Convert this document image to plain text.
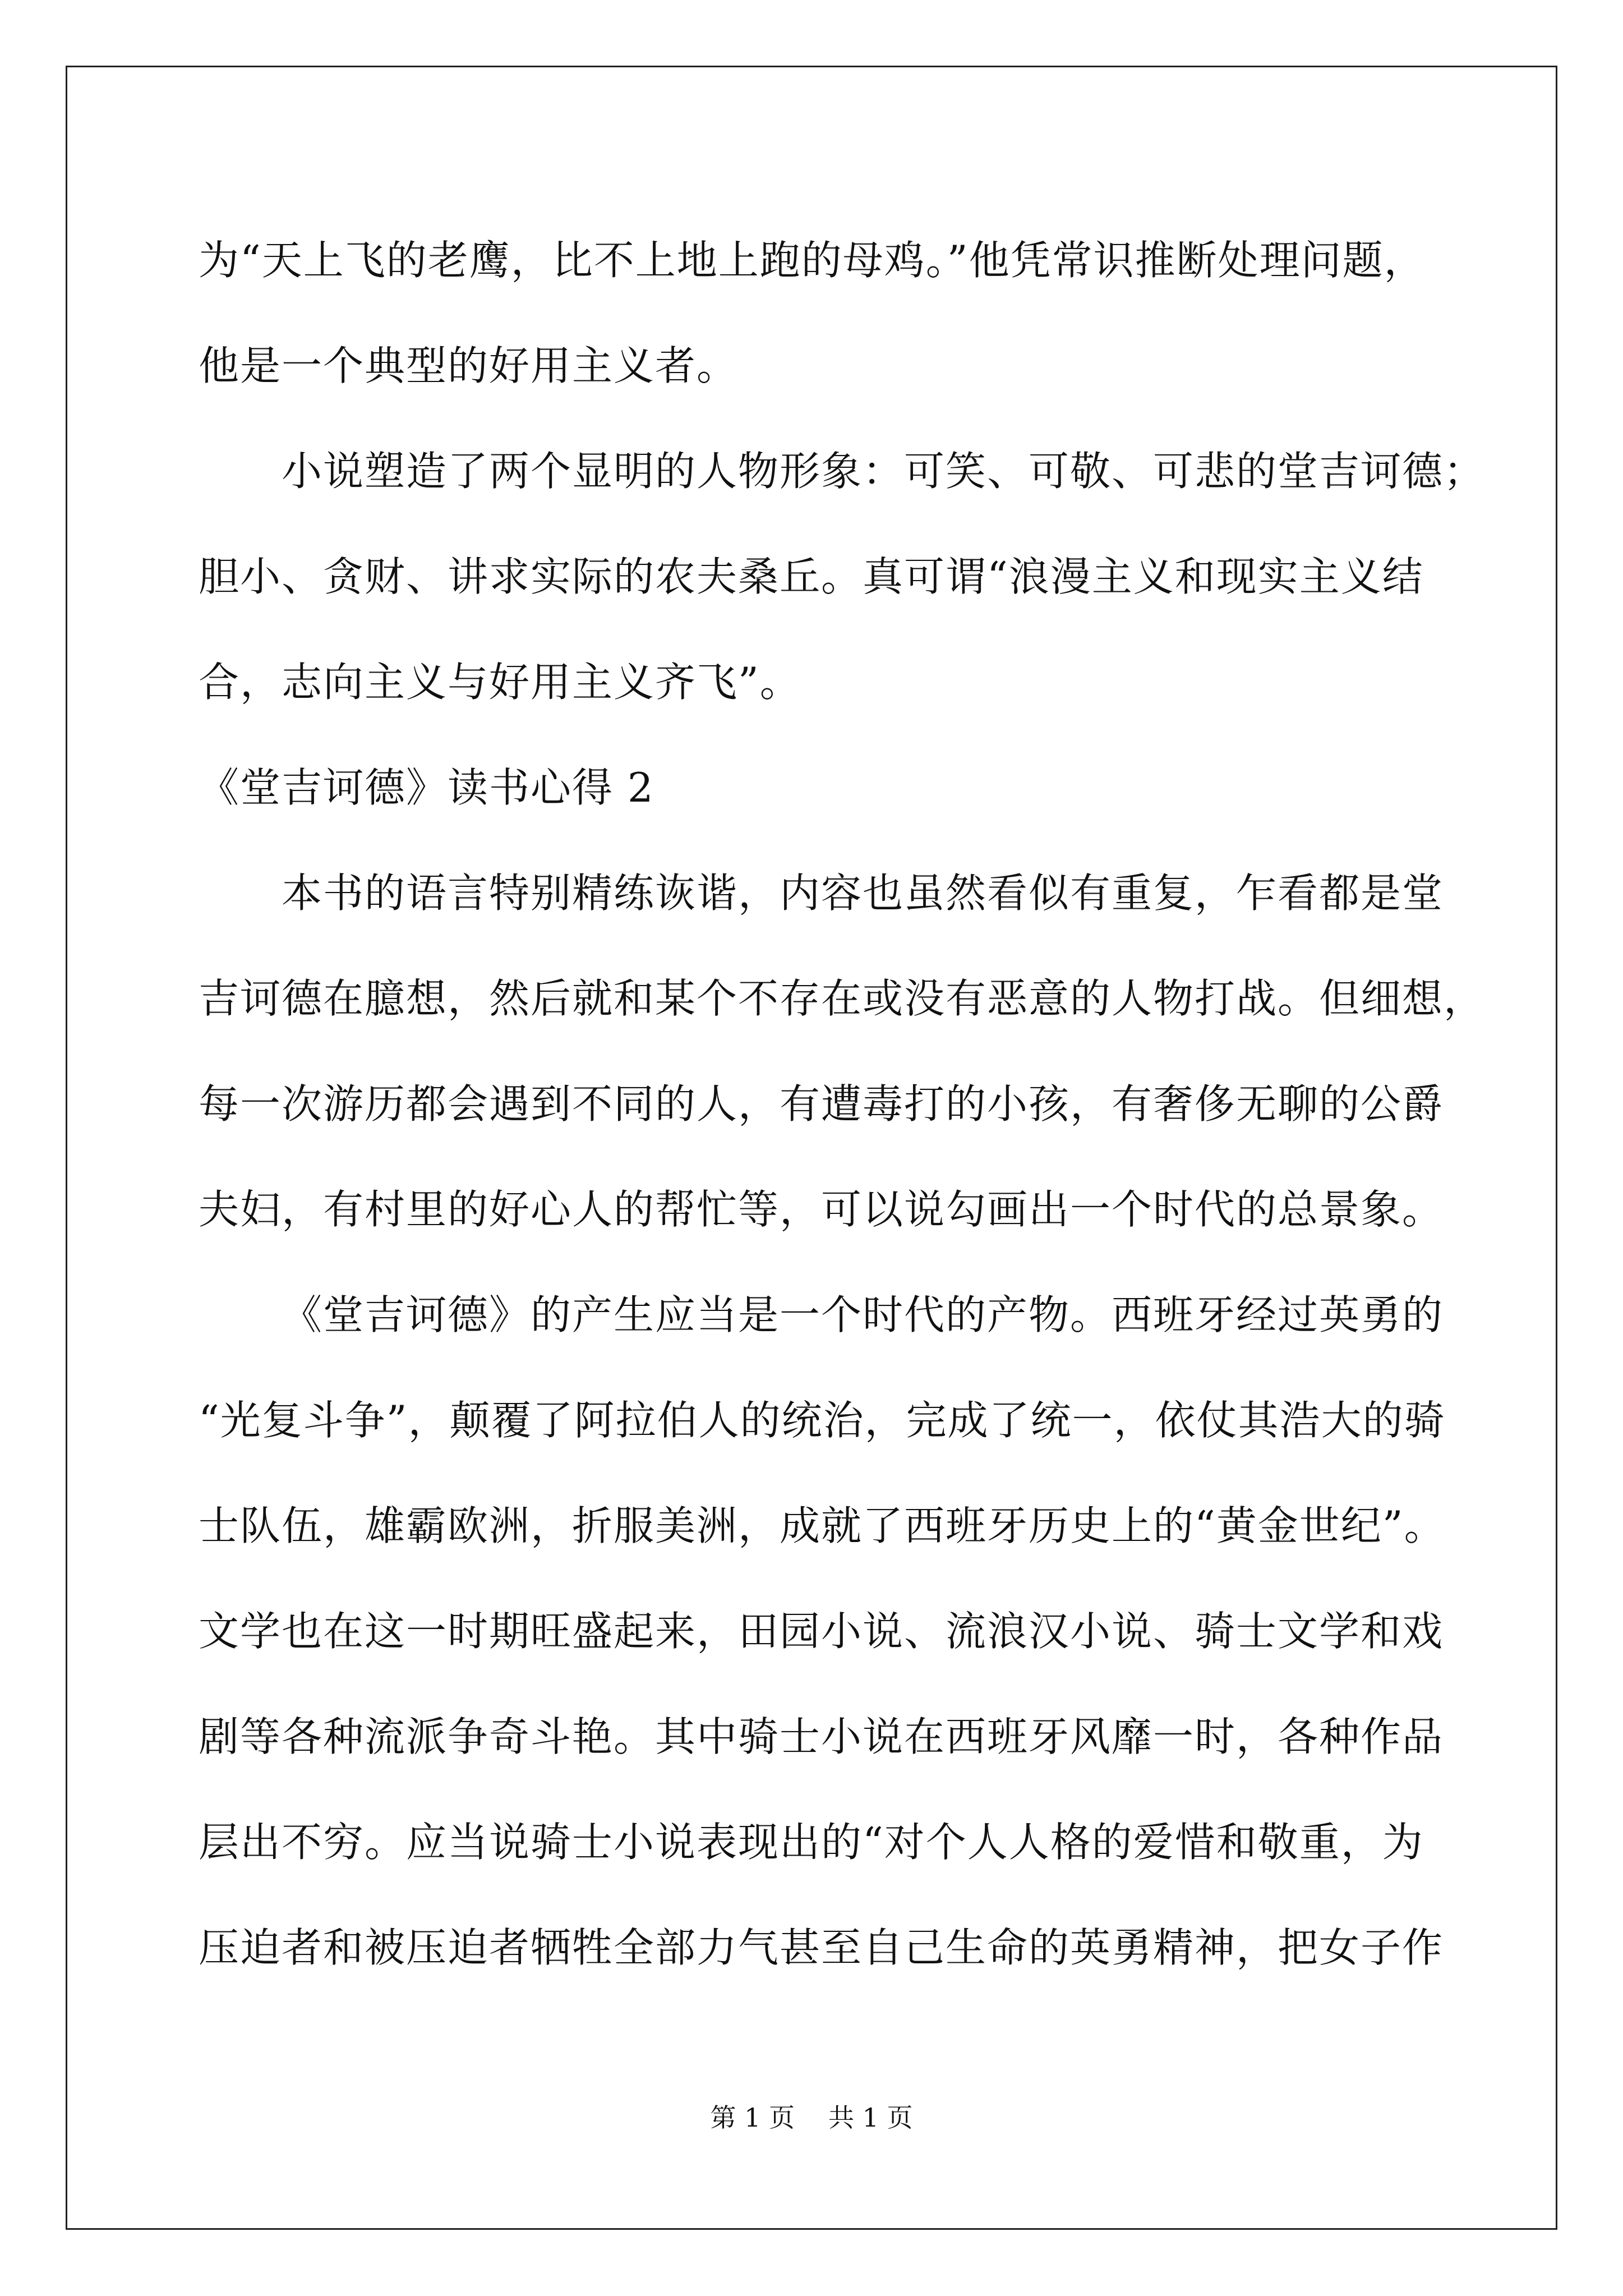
为“天上飞的老鹰，比不上地上跑的母鸡。”他凭常识推断处理问题，
他是一个典型的好用主义者。
小说塑造了两个显明的人物形象：可笑、可敬、可悲的堂吉诃德；
胆小、贪财、讲求实际的农夫桑丘。真可谓“浪漫主义和现实主义结
合，志向主义与好用主义齐飞”。
《堂吉诃德》读书心得 2
本书的语言特别精练诙谐，内容也虽然看似有重复，乍看都是堂
吉诃德在臆想，然后就和某个不存在或没有恶意的人物打战。但细想，
每一次游历都会遇到不同的人，有遭毒打的小孩，有奢侈无聊的公爵
夫妇，有村里的好心人的帮忙等，可以说勾画出一个时代的总景象。
《堂吉诃德》的产生应当是一个时代的产物。西班牙经过英勇的
“光复斗争”，颠覆了阿拉伯人的统治，完成了统一，依仗其浩大的骑
士队伍，雄霸欧洲，折服美洲，成就了西班牙历史上的“黄金世纪”。
文学也在这一时期旺盛起来，田园小说、流浪汉小说、骑士文学和戏
剧等各种流派争奇斗艳。其中骑士小说在西班牙风靡一时，各种作品
层出不穷。应当说骑士小说表现出的“对个人人格的爱惜和敬重，为
压迫者和被压迫者牺牲全部力气甚至自己生命的英勇精神，把女子作
第 1 页 共 1 页
